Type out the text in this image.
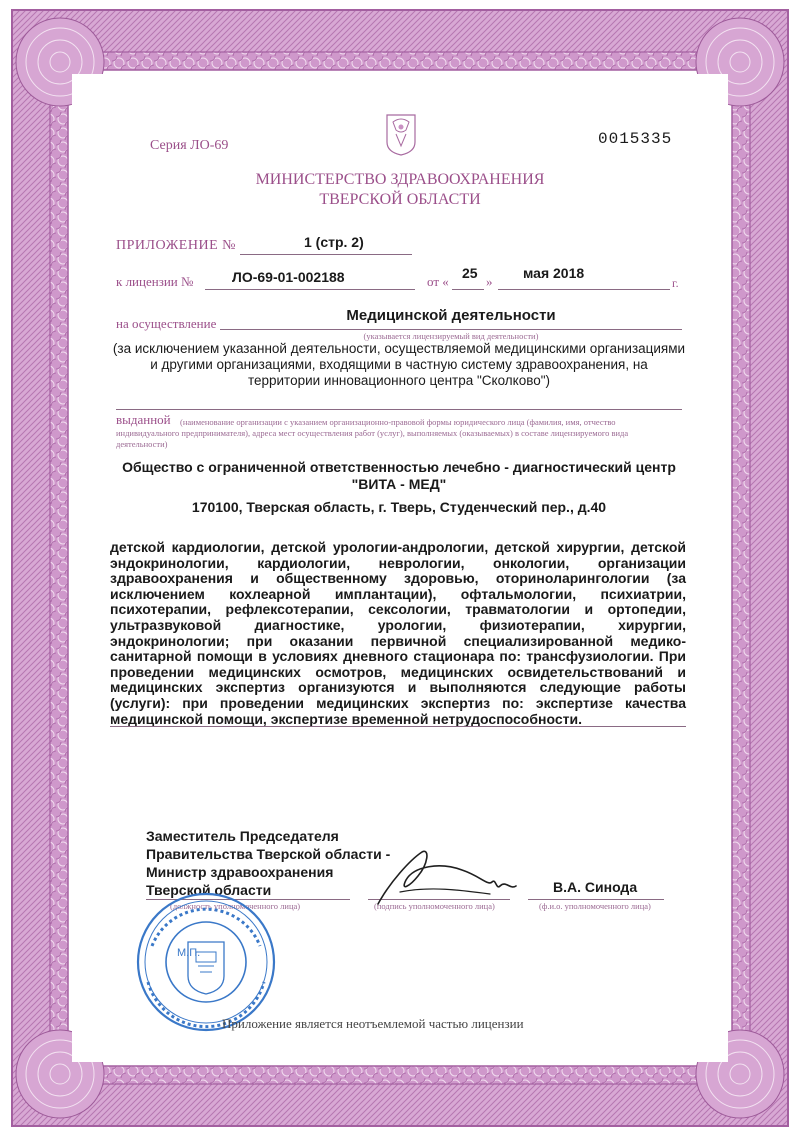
Серия ЛО-69	0015335
МИНИСТЕРСТВО ЗДРАВООХРАНЕНИЯ
ТВЕРСКОЙ ОБЛАСТИ
ПРИЛОЖЕНИЕ №	1 (стр. 2)
к лицензии №	ЛО-69-01-002188	от «
25
»
мая 2018
г.
на осуществление	Медицинской деятельности
(указывается лицензируемый вид деятельности)
(за исключением указанной деятельности, осуществляемой медицинскими организациями
и другими организациями, входящими в частную систему здравоохранения, на
территории инновационного центра "Сколково")
выданной (наименование организации с указанием организационно-правовой формы юридического лица (фамилия, имя, отчество
индивидуального предпринимателя), адреса мест осуществления работ (услуг), выполняемых (оказываемых) в составе лицензируемого вида
деятельности)
Общество с ограниченной ответственностью лечебно - диагностический центр
"ВИТА - МЕД"
170100, Тверская область, г. Тверь, Студенческий пер., д.40
детской кардиологии, детской урологии-андрологии, детской хирургии, детской эндокринологии, кардиологии, неврологии, онкологии, организации здравоохранения и общественному здоровью, оториноларингологии (за исключением кохлеарной имплантации), офтальмологии, психиатрии, психотерапии, рефлексотерапии, сексологии, травматологии и ортопедии, ультразвуковой диагностике, урологии, физиотерапии, хирургии, эндокринологии; при оказании первичной специализированной медико-санитарной помощи в условиях дневного стационара по: трансфузиологии. При проведении медицинских осмотров, медицинских освидетельствований и медицинских экспертиз организуются и выполняются следующие работы (услуги): при проведении медицинских экспертиз по: экспертизе качества медицинской помощи, экспертизе временной нетрудоспособности.
Заместитель Председателя
Правительства Тверской области -
Министр здравоохранения
Тверской области
(должность уполномоченного лица)	(подпись уполномоченного лица)
В.А. Синода
(ф.и.о. уполномоченного лица)
М.П.
Приложение является неотъемлемой частью лицензии
